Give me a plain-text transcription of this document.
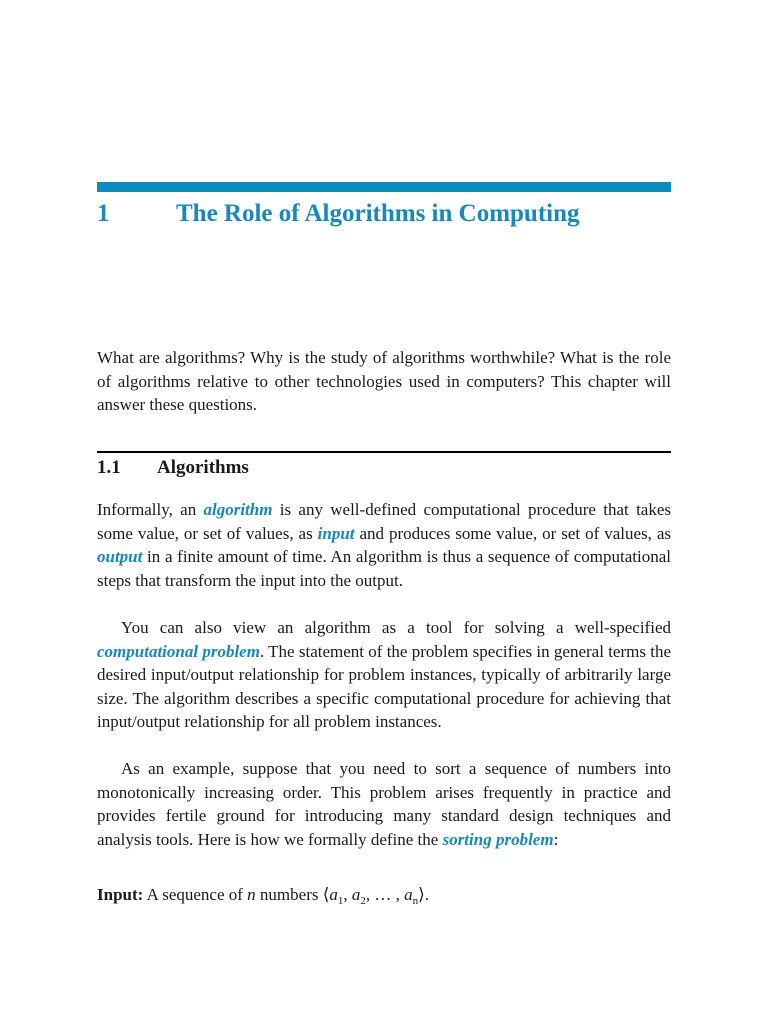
1	The Role of Algorithms in Computing

What are algorithms? Why is the study of algorithms worthwhile? What is the role of algorithms relative to other technologies used in computers? This chapter will answer these questions.

1.1 Algorithms

Informally, an algorithm is any well-defined computational procedure that takes some value, or set of values, as input and produces some value, or set of values, as output in a finite amount of time. An algorithm is thus a sequence of computational steps that transform the input into the output.

You can also view an algorithm as a tool for solving a well-specified computational problem. The statement of the problem specifies in general terms the desired input/output relationship for problem instances, typically of arbitrarily large size. The algorithm describes a specific computational procedure for achieving that input/output relationship for all problem instances.

As an example, suppose that you need to sort a sequence of numbers into monotonically increasing order. This problem arises frequently in practice and provides fertile ground for introducing many standard design techniques and analysis tools. Here is how we formally define the sorting problem:

Input: A sequence of n numbers $⟨a_1$, $a_2$, … , $a_n⟩$.
